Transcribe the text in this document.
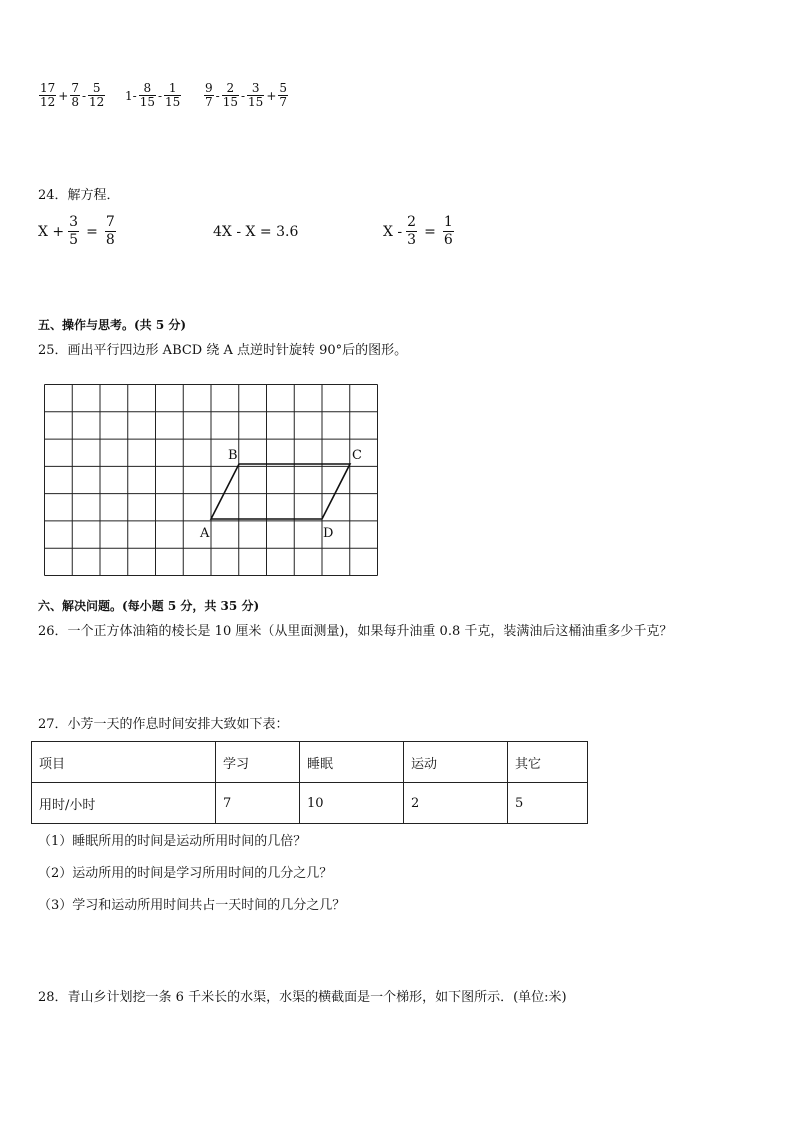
$\frac{17}{12} + \frac{7}{8} - \frac{5}{12} 1- \frac{8}{15} - \frac{1}{15} \frac{9}{7} - \frac{2}{15} - \frac{3}{15} + \frac{5}{7}$
24．解方程．
$X + \frac{3}{5} = \frac{7}{8}$	4X - X = 3.6	$X - \frac{2}{3} = \frac{1}{6}$
五、操作与思考。(共 5 分)
25．画出平行四边形 ABCD 绕 A 点逆时针旋转 90°后的图形。
B	C
A	D
六、解决问题。(每小题 5 分，共 35 分)
26．一个正方体油箱的棱长是 10 厘米（从里面测量)，如果每升油重 0.8 千克，装满油后这桶油重多少千克？
27．小芳一天的作息时间安排大致如下表：
项目	学习	睡眠	运动	其它
用时/小时	7	10	2	5
（1）睡眠所用的时间是运动所用时间的几倍？
（2）运动所用的时间是学习所用时间的几分之几？
（3）学习和运动所用时间共占一天时间的几分之几？
28．青山乡计划挖一条 6 千米长的水渠，水渠的横截面是一个梯形，如下图所示．(单位:米)
